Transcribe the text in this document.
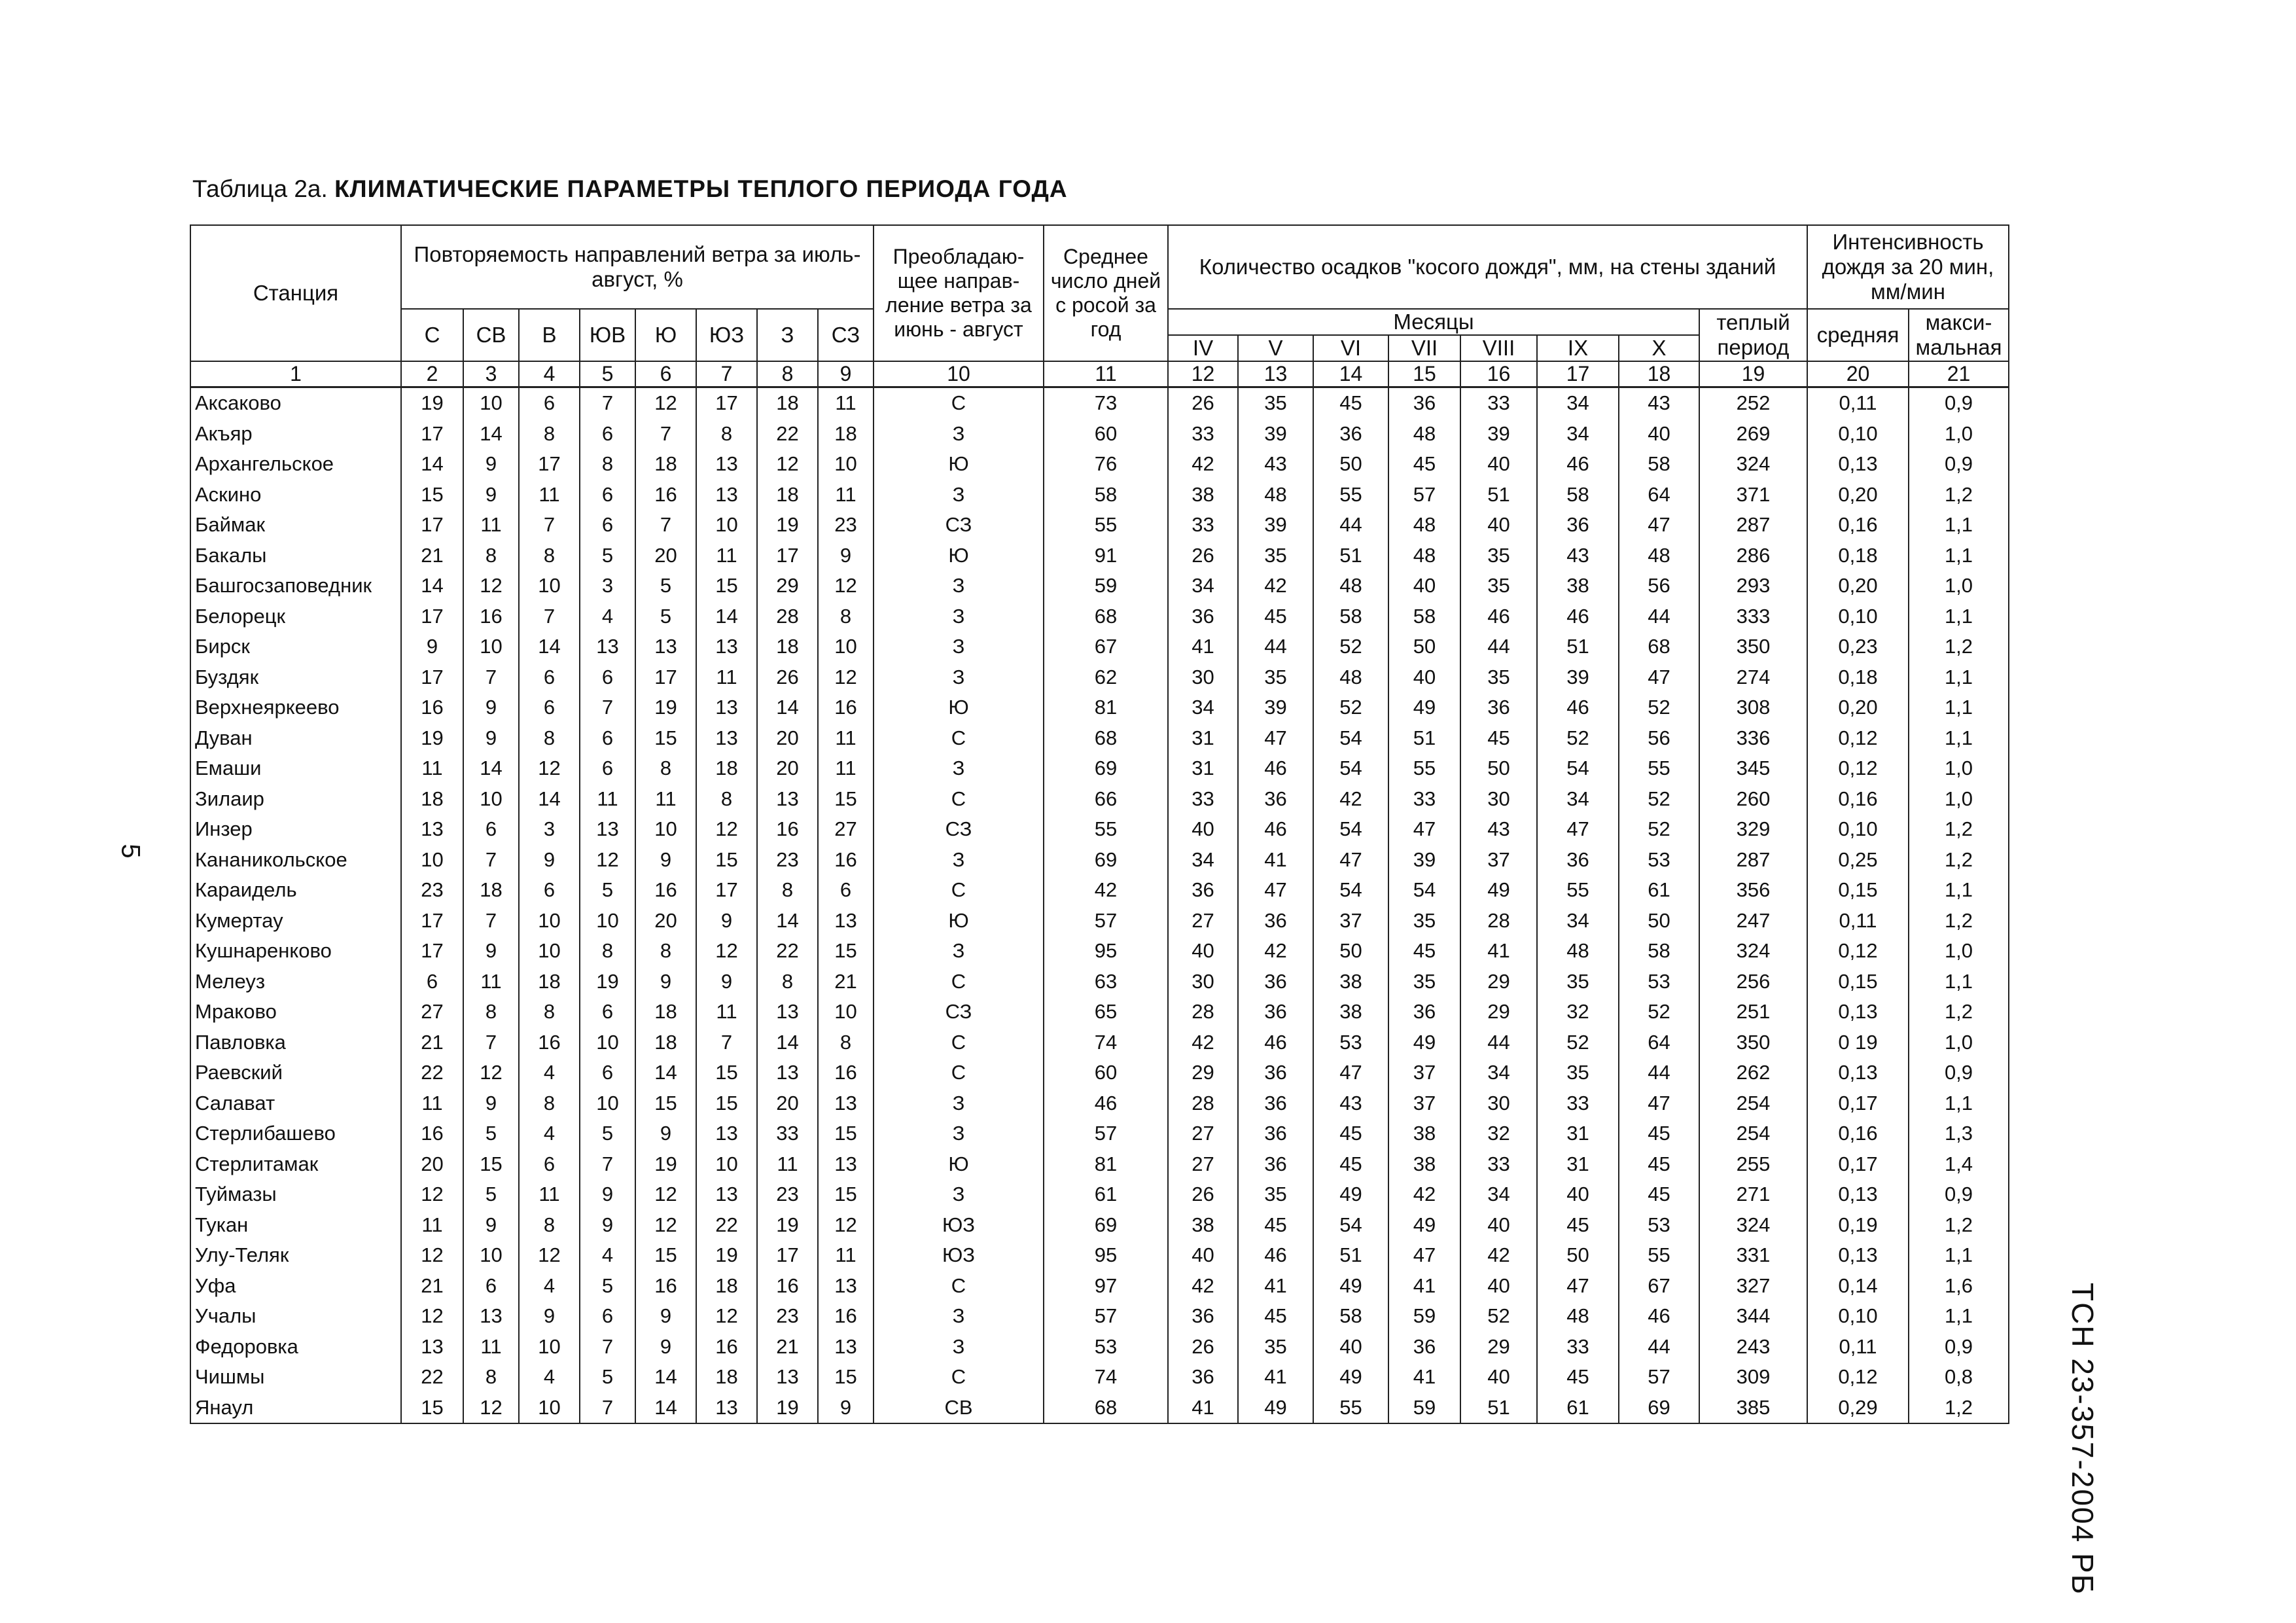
Таблица 2а. КЛИМАТИЧЕСКИЕ ПАРАМЕТРЫ ТЕПЛОГО ПЕРИОДА ГОДА
5
ТСН 23-357-2004 РБ
Станция	Повторяемость направлений ветра за июль-август, %								Преобладаю-щее направ-ление ветра за июнь - август	Среднее число дней с росой за год	Количество осадков "косого дождя", мм, на стены зданий								Интенсивность дождя за 20 мин, мм/мин	
	С	СВ	В	ЮВ	Ю	ЮЗ	З	СЗ			Месяцы							теплый период	средняя	макси-мальная
											IV	V	VI	VII	VIII	IX	X			
1	2	3	4	5	6	7	8	9	10	11	12	13	14	15	16	17	18	19	20	21
Аксаково	19	10	6	7	12	17	18	11	С	73	26	35	45	36	33	34	43	252	0,11	0,9
Акъяр	17	14	8	6	7	8	22	18	З	60	33	39	36	48	39	34	40	269	0,10	1,0
Архангельское	14	9	17	8	18	13	12	10	Ю	76	42	43	50	45	40	46	58	324	0,13	0,9
Аскино	15	9	11	6	16	13	18	11	З	58	38	48	55	57	51	58	64	371	0,20	1,2
Баймак	17	11	7	6	7	10	19	23	СЗ	55	33	39	44	48	40	36	47	287	0,16	1,1
Бакалы	21	8	8	5	20	11	17	9	Ю	91	26	35	51	48	35	43	48	286	0,18	1,1
Башгосзаповедник	14	12	10	3	5	15	29	12	З	59	34	42	48	40	35	38	56	293	0,20	1,0
Белорецк	17	16	7	4	5	14	28	8	З	68	36	45	58	58	46	46	44	333	0,10	1,1
Бирск	9	10	14	13	13	13	18	10	З	67	41	44	52	50	44	51	68	350	0,23	1,2
Буздяк	17	7	6	6	17	11	26	12	З	62	30	35	48	40	35	39	47	274	0,18	1,1
Верхнеяркеево	16	9	6	7	19	13	14	16	Ю	81	34	39	52	49	36	46	52	308	0,20	1,1
Дуван	19	9	8	6	15	13	20	11	С	68	31	47	54	51	45	52	56	336	0,12	1,1
Емаши	11	14	12	6	8	18	20	11	З	69	31	46	54	55	50	54	55	345	0,12	1,0
Зилаир	18	10	14	11	11	8	13	15	С	66	33	36	42	33	30	34	52	260	0,16	1,0
Инзер	13	6	3	13	10	12	16	27	СЗ	55	40	46	54	47	43	47	52	329	0,10	1,2
Кананикольское	10	7	9	12	9	15	23	16	З	69	34	41	47	39	37	36	53	287	0,25	1,2
Караидель	23	18	6	5	16	17	8	6	С	42	36	47	54	54	49	55	61	356	0,15	1,1
Кумертау	17	7	10	10	20	9	14	13	Ю	57	27	36	37	35	28	34	50	247	0,11	1,2
Кушнаренково	17	9	10	8	8	12	22	15	З	95	40	42	50	45	41	48	58	324	0,12	1,0
Мелеуз	6	11	18	19	9	9	8	21	С	63	30	36	38	35	29	35	53	256	0,15	1,1
Мраково	27	8	8	6	18	11	13	10	СЗ	65	28	36	38	36	29	32	52	251	0,13	1,2
Павловка	21	7	16	10	18	7	14	8	С	74	42	46	53	49	44	52	64	350	0 19	1,0
Раевский	22	12	4	6	14	15	13	16	С	60	29	36	47	37	34	35	44	262	0,13	0,9
Салават	11	9	8	10	15	15	20	13	З	46	28	36	43	37	30	33	47	254	0,17	1,1
Стерлибашево	16	5	4	5	9	13	33	15	З	57	27	36	45	38	32	31	45	254	0,16	1,3
Стерлитамак	20	15	6	7	19	10	11	13	Ю	81	27	36	45	38	33	31	45	255	0,17	1,4
Туймазы	12	5	11	9	12	13	23	15	З	61	26	35	49	42	34	40	45	271	0,13	0,9
Тукан	11	9	8	9	12	22	19	12	ЮЗ	69	38	45	54	49	40	45	53	324	0,19	1,2
Улу-Теляк	12	10	12	4	15	19	17	11	ЮЗ	95	40	46	51	47	42	50	55	331	0,13	1,1
Уфа	21	6	4	5	16	18	16	13	С	97	42	41	49	41	40	47	67	327	0,14	1,6
Учалы	12	13	9	6	9	12	23	16	З	57	36	45	58	59	52	48	46	344	0,10	1,1
Федоровка	13	11	10	7	9	16	21	13	З	53	26	35	40	36	29	33	44	243	0,11	0,9
Чишмы	22	8	4	5	14	18	13	15	С	74	36	41	49	41	40	45	57	309	0,12	0,8
Янаул	15	12	10	7	14	13	19	9	СВ	68	41	49	55	59	51	61	69	385	0,29	1,2
